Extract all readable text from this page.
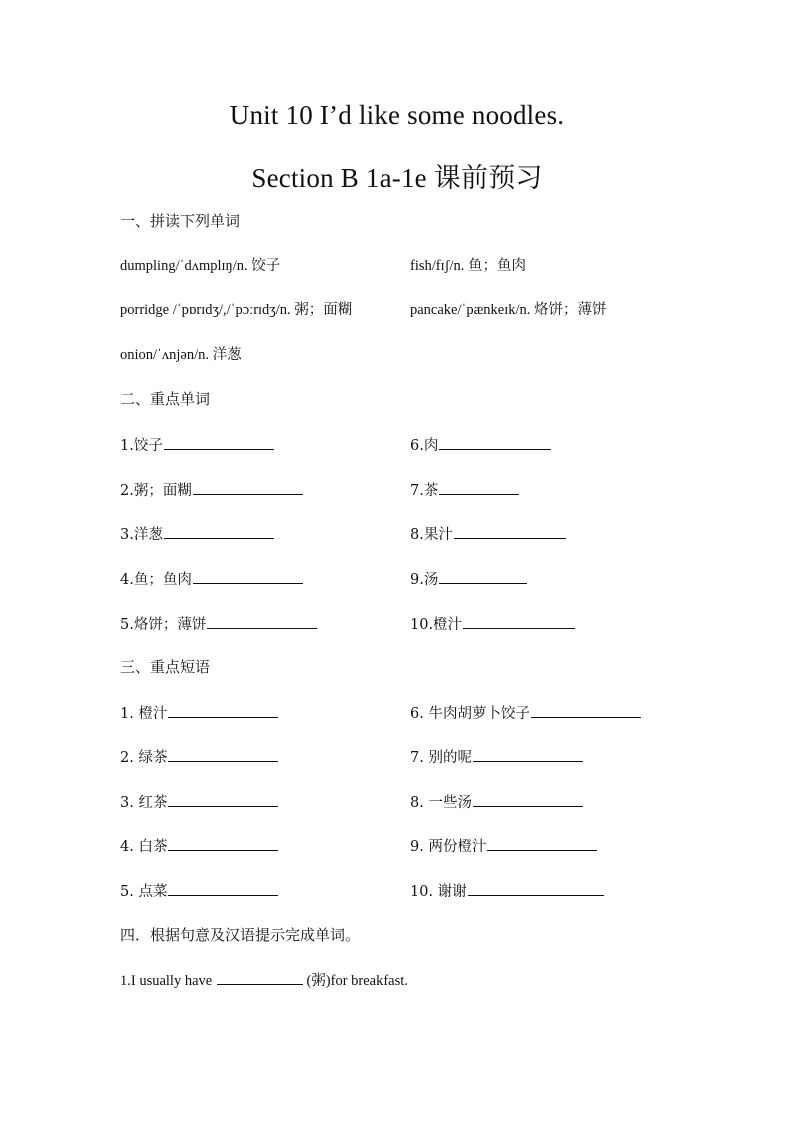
Unit 10 I’d like some noodles.
Section B 1a-1e 课前预习
一、拼读下列单词
dumpling/ˈdʌmplɪŋ/n. 饺子	fish/fɪʃ/n. 鱼；鱼肉
porridge /ˈpɒrɪdʒ/,/ˈpɔːrɪdʒ/n. 粥；面糊	pancake/ˈpænkeɪk/n. 烙饼；薄饼
onion/ˈʌnjən/n. 洋葱
二、重点单词
1.饺子	6.肉
2.粥；面糊	7.茶
3.洋葱	8.果汁
4.鱼；鱼肉	9.汤
5.烙饼；薄饼	10.橙汁
三、重点短语
1. 橙汁	6. 牛肉胡萝卜饺子
2. 绿茶	7. 别的呢
3. 红茶	8. 一些汤
4. 白茶	9. 两份橙汁
5. 点菜	10. 谢谢
四．根据句意及汉语提示完成单词。
1.I usually have	(粥)for breakfast.
